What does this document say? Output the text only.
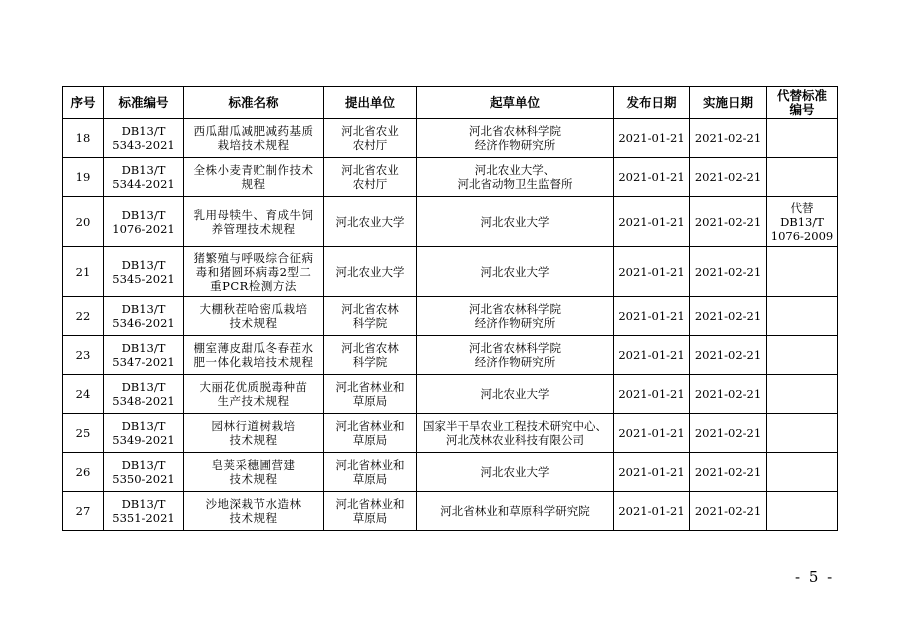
序号	标准编号	标准名称	提出单位	起草单位	发布日期	实施日期	代替标准
编号

18	DB13/T
5343-2021	西瓜甜瓜减肥减药基质
栽培技术规程	河北省农业
农村厅	河北省农林科学院
经济作物研究所	2021-01-21	2021-02-21	

19	DB13/T
5344-2021	全株小麦青贮制作技术
规程	河北省农业
农村厅	河北农业大学、
河北省动物卫生监督所	2021-01-21	2021-02-21	

20	DB13/T
1076-2021	乳用母犊牛、育成牛饲
养管理技术规程	河北农业大学	河北农业大学	2021-01-21	2021-02-21	代替
DB13/T
1076-2009

21	DB13/T
5345-2021	猪繁殖与呼吸综合征病
毒和猪圆环病毒2型二
重PCR检测方法	河北农业大学	河北农业大学	2021-01-21	2021-02-21	

22	DB13/T
5346-2021	大棚秋茬哈密瓜栽培
技术规程	河北省农林
科学院	河北省农林科学院
经济作物研究所	2021-01-21	2021-02-21	

23	DB13/T
5347-2021	棚室薄皮甜瓜冬春茬水
肥一体化栽培技术规程	河北省农林
科学院	河北省农林科学院
经济作物研究所	2021-01-21	2021-02-21	

24	DB13/T
5348-2021	大丽花优质脱毒种苗
生产技术规程	河北省林业和
草原局	河北农业大学	2021-01-21	2021-02-21	

25	DB13/T
5349-2021	园林行道树栽培
技术规程	河北省林业和
草原局	国家半干旱农业工程技术研究中心、
河北茂林农业科技有限公司	2021-01-21	2021-02-21	

26	DB13/T
5350-2021	皂荚采穗圃营建
技术规程	河北省林业和
草原局	河北农业大学	2021-01-21	2021-02-21	

27	DB13/T
5351-2021	沙地深栽节水造林
技术规程	河北省林业和
草原局	河北省林业和草原科学研究院	2021-01-21	2021-02-21	
- 5 -
